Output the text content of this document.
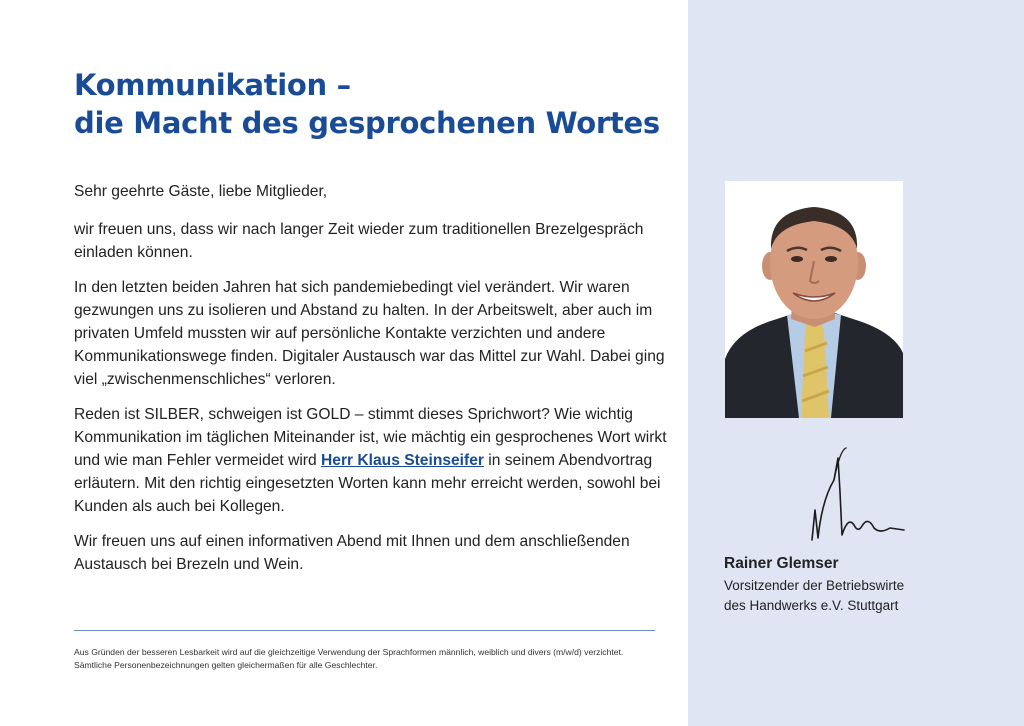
Kommunikation –
die Macht des gesprochenen Wortes

Sehr geehrte Gäste, liebe Mitglieder,

wir freuen uns, dass wir nach langer Zeit wieder zum traditionellen Brezelgespräch einladen können.

In den letzten beiden Jahren hat sich pandemiebedingt viel verändert. Wir waren gezwungen uns zu isolieren und Abstand zu halten. In der Arbeitswelt, aber auch im privaten Umfeld mussten wir auf persönliche Kontakte verzichten und andere Kommunikationswege finden. Digitaler Austausch war das Mittel zur Wahl. Dabei ging viel „zwischenmenschliches“ verloren.

Reden ist SILBER, schweigen ist GOLD – stimmt dieses Sprichwort? Wie wichtig Kommunikation im täglichen Miteinander ist, wie mächtig ein gesprochenes Wort wirkt und wie man Fehler vermeidet wird Herr Klaus Steinseifer in seinem Abendvortrag erläutern. Mit den richtig eingesetzten Worten kann mehr erreicht werden, sowohl bei Kunden als auch bei Kollegen.

Wir freuen uns auf einen informativen Abend mit Ihnen und dem anschließenden Austausch bei Brezeln und Wein.

Aus Gründen der besseren Lesbarkeit wird auf die gleichzeitige Verwendung der Sprachformen männlich, weiblich und divers (m/w/d) verzichtet.
Sämtliche Personenbezeichnungen gelten gleichermaßen für alle Geschlechter.
Rainer Glemser
Vorsitzender der Betriebswirte
des Handwerks e.V. Stuttgart
